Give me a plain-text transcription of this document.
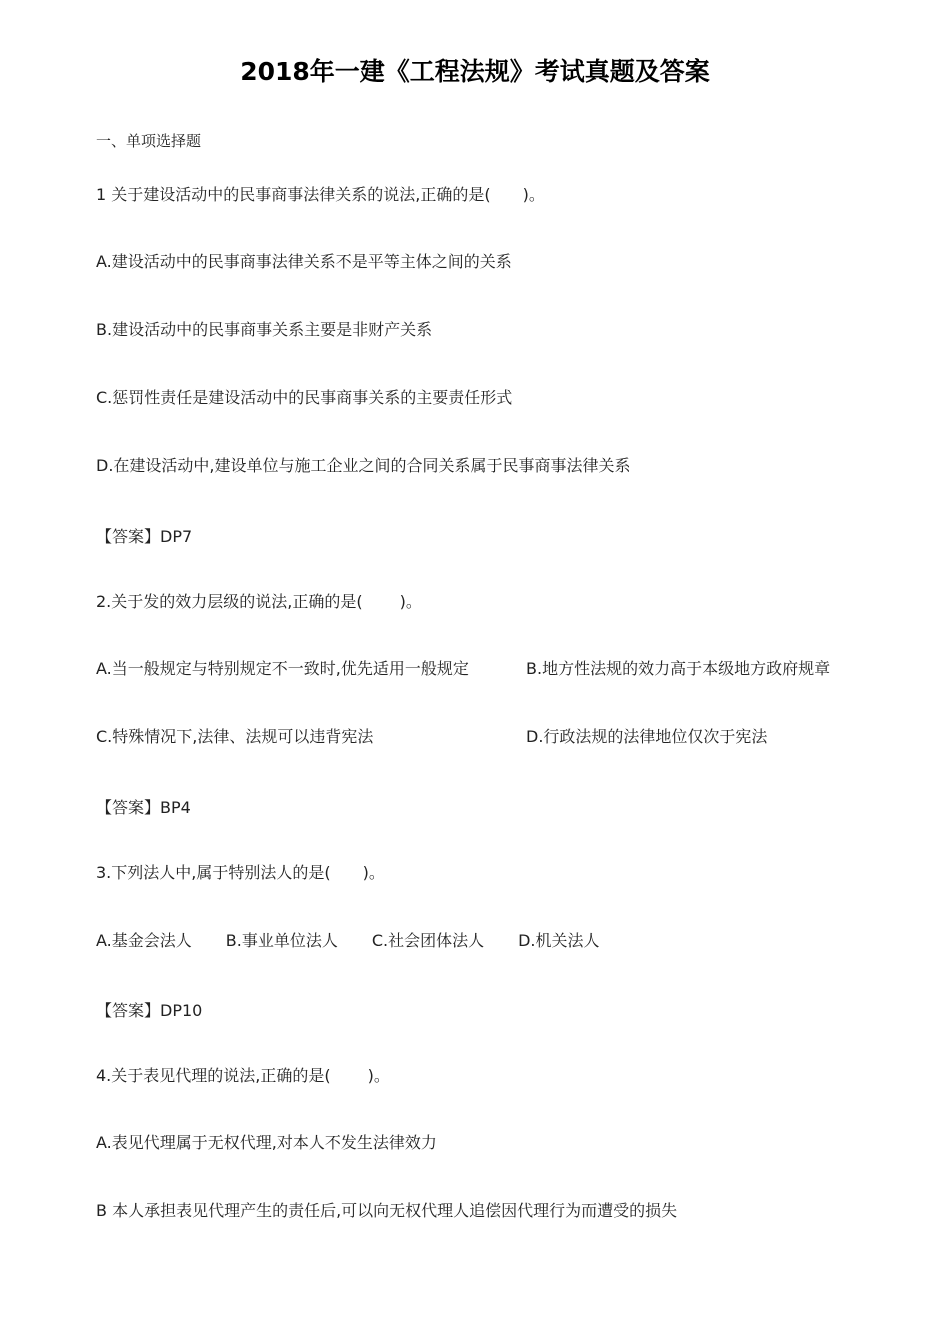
2018年一建《工程法规》考试真题及答案
一、单项选择题
1 关于建设活动中的民事商事法律关系的说法,正确的是(　　)。
A.建设活动中的民事商事法律关系不是平等主体之间的关系
B.建设活动中的民事商事关系主要是非财产关系
C.惩罚性责任是建设活动中的民事商事关系的主要责任形式
D.在建设活动中,建设单位与施工企业之间的合同关系属于民事商事法律关系
【答案】DP7
2.关于发的效力层级的说法,正确的是(　　 )。
A.当一般规定与特别规定不一致时,优先适用一般规定	B.地方性法规的效力高于本级地方政府规章
C.特殊情况下,法律、法规可以违背宪法	D.行政法规的法律地位仅次于宪法
【答案】BP4
3.下列法人中,属于特别法人的是(　　)。
A.基金会法人 B.事业单位法人 C.社会团体法人 D.机关法人
【答案】DP10
4.关于表见代理的说法,正确的是(　　 )。
A.表见代理属于无权代理,对本人不发生法律效力
B 本人承担表见代理产生的责任后,可以向无权代理人追偿因代理行为而遭受的损失
